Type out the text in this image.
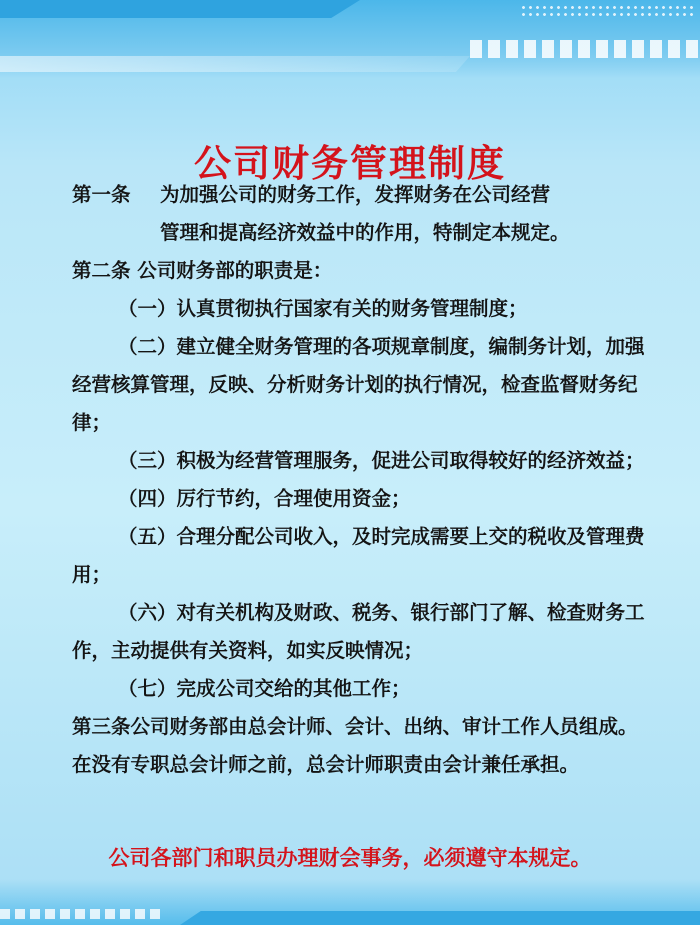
公司财务管理制度
第一条	为加强公司的财务工作，发挥财务在公司经营

管理和提高经济效益中的作用，特制定本规定。

第二条 公司财务部的职责是：

（一）认真贯彻执行国家有关的财务管理制度；

（二）建立健全财务管理的各项规章制度，编制务计划，加强经营核算管理，反映、分析财务计划的执行情况，检查监督财务纪律；

（三）积极为经营管理服务，促进公司取得较好的经济效益；

（四）厉行节约，合理使用资金；

（五）合理分配公司收入，及时完成需要上交的税收及管理费用；

（六）对有关机构及财政、税务、银行部门了解、检查财务工作，主动提供有关资料，如实反映情况；

（七）完成公司交给的其他工作；

第三条公司财务部由总会计师、会计、出纳、审计工作人员组成。在没有专职总会计师之前，总会计师职责由会计兼任承担。

公司各部门和职员办理财会事务，必须遵守本规定。
